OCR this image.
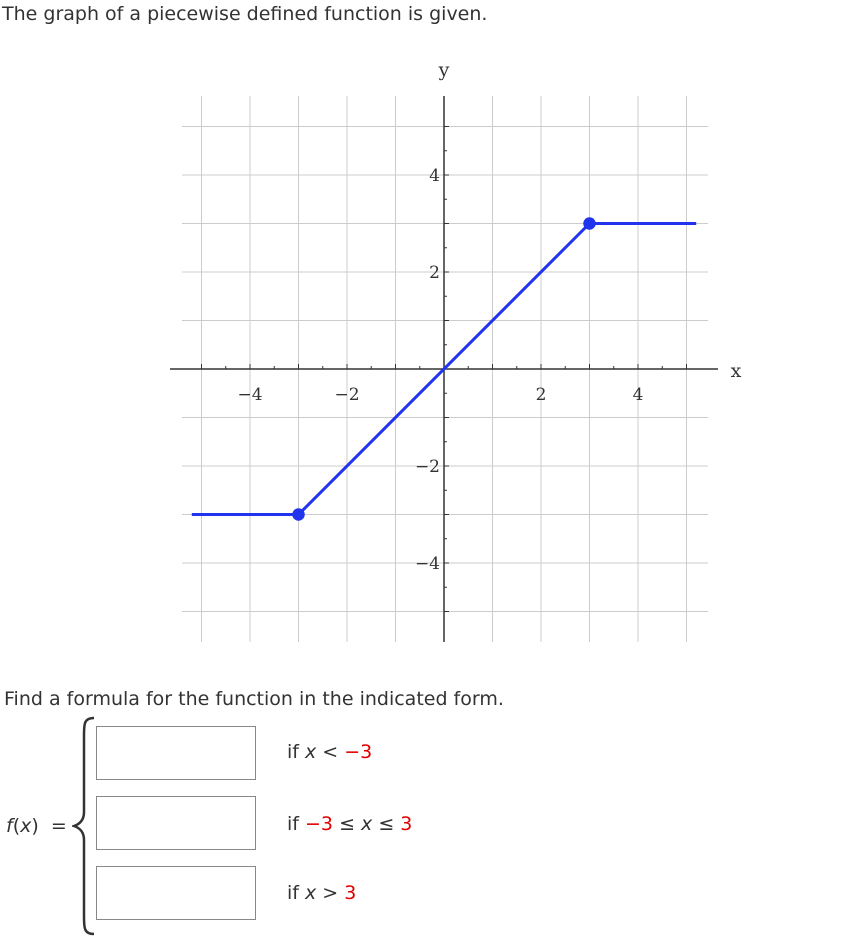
The graph of a piecewise defined function is given.

x
y
−4	−2	2	4
4
2
−2
−4

Find a formula for the function in the indicated form.

f(x)  =
if x < −3
if −3 ≤ x ≤ 3
if x > 3
